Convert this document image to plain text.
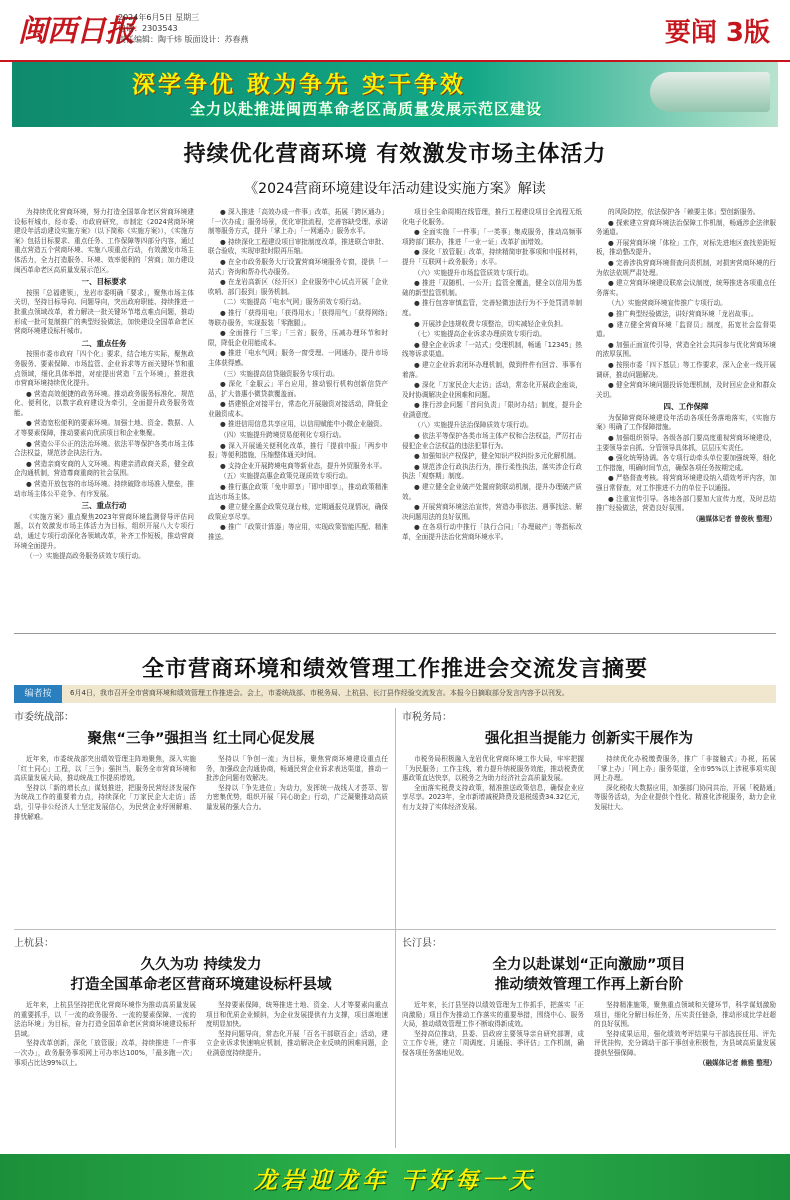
闽西日报
2024年6月5日 星期三
电话：2303543
责任编辑：陶千炜 版面设计：苏春燕	要闻 3版
深学争优 敢为争先 实干争效
全力以赴推进闽西革命老区高质量发展示范区建设
持续优化营商环境 有效激发市场主体活力
《2024营商环境建设年活动建设实施方案》解读

为持续优化营商环境，努力打造全国革命老区营商环境建设标杆城市，经市委、市政府研究，市制定《2024营商环境建设年活动建设实施方案》（以下简称《实施方案》），《实施方案》包括目标要求、重点任务、工作保障等四部分内容，通过重点营造五个营商环境、实施八项重点行动，有效激发市场主体活力，全力打造服务、环境、效率便利的「营商」加力建设闽西革命老区高质量发展示范区。

一、目标要求

按照「总福建领」，龙岩市委明确「要求」，聚焦市场主体关切，坚持目标导向、问题导向，突出政府职能、持续推进一批重点领域改革，着力解决一批关键环节堵点难点问题，推动形成一批可复制推广的典型经验做法，加快建设全国革命老区营商环境建设标杆城市。

二、重点任务

按照市委市政府「四个化」要求，结合地方实际，聚焦政务服务、要素保障、市场监管、企业诉求等方面关键环节和重点领域，细化具体举措，对症提出营造「五个环境」，推进我市营商环境持续优化提升。

● 营造高效便捷的政务环境。推动政务服务标准化、规范化、便利化，以数字政府建设为牵引，全面提升政务服务效能。

● 营造宽松便利的要素环境。加强土地、资金、数据、人才等要素保障，推动要素向优质项目和企业集聚。

● 营造公平公正的法治环境。依法平等保护各类市场主体合法权益，规范涉企执法行为。

● 营造亲商安商的人文环境。构建亲清政商关系，健全政企沟通机制，营造尊商重商的社会氛围。

● 营造开放包容的市场环境。持续破除市场准入壁垒，推动市场主体公平竞争、有序发展。

三、重点行动

《实施方案》重点聚焦2023年营商环境监测督导评估问题，以有效激发市场主体活力为目标，组织开展八大专项行动，通过专项行动深化各领域改革，补齐工作短板，推动营商环境全面提升。

（一）实施提高政务服务质效专项行动。

● 深入推进「高效办成一件事」改革，拓展「跨区通办」「一次办成」服务场景，优化审批流程，完善容缺受理、承诺制等服务方式，提升「掌上办」「一网通办」服务水平。

● 持续深化工程建设项目审批制度改革，推进联合审批、联合验收，实现审批时限再压缩。

● 在全市政务服务大厅设置营商环境服务专窗，提供「一站式」咨询和帮办代办服务。

● 在龙岩高新区（经开区）企业服务中心试点开展「企业吹哨、部门报到」服务机制。

（二）实施提高「电水气网」服务质效专项行动。

● 推行「获得用电」「获得用水」「获得用气」「获得网络」等联办服务，实现报装「零跑腿」。

● 全面推行「三零」「三省」服务，压减办理环节和时限，降低企业用能成本。

● 推进「电水气网」服务一窗受理、一网通办，提升市场主体获得感。

（三）实施提高信贷融资服务专项行动。

● 深化「金服云」平台应用，推动银行机构创新信贷产品，扩大普惠小微贷款覆盖面。

● 搭建银企对接平台，常态化开展融资对接活动，降低企业融资成本。

● 推进信用信息共享应用，以信用赋能中小微企业融资。

（四）实施提升跨境贸易便利化专项行动。

● 深入开展通关便利化改革，推行「提前申报」「两步申报」等便利措施，压缩整体通关时间。

● 支持企业开展跨境电商等新业态，提升外贸服务水平。

（五）实施提高惠企政策兑现质效专项行动。

● 推行惠企政策「免申即享」「即申即享」，推动政策精准直达市场主体。

● 建立健全惠企政策兑现台账，定期通报兑现情况，确保政策应享尽享。

● 推广「政策计算器」等应用，实现政策智能匹配、精准推送。

项目全生命周期在线管理，推行工程建设项目全流程无纸化电子化服务。

● 全面实施「一件事」「一类事」集成服务，推动高频事项跨部门联办，推进「一业一证」改革扩面增效。

● 深化「放管服」改革，持续精简审批事项和申报材料，提升「互联网＋政务服务」水平。

（六）实施提升市场监管质效专项行动。

● 推进「双随机、一公开」监管全覆盖，健全以信用为基础的新型监管机制。

● 推行包容审慎监管，完善轻微违法行为不予处罚清单制度。

● 开展涉企违规收费专项整治，切实减轻企业负担。

（七）实施提高企业诉求办理质效专项行动。

● 健全企业诉求「一站式」受理机制，畅通「12345」热线等诉求渠道。

● 建立企业诉求闭环办理机制，做到件件有回音、事事有着落。

● 深化「万家民企大走访」活动，常态化开展政企座谈，及时协调解决企业困难和问题。

● 推行涉企问题「首问负责」「限时办结」制度，提升企业满意度。

（八）实施提升法治保障质效专项行动。

● 依法平等保护各类市场主体产权和合法权益，严厉打击侵犯企业合法权益的违法犯罪行为。

● 加强知识产权保护，健全知识产权纠纷多元化解机制。

● 规范涉企行政执法行为，推行柔性执法，落实涉企行政执法「观察期」制度。

● 建立健全企业破产处置府院联动机制，提升办理破产质效。

● 开展营商环境法治宣传，营造办事依法、遇事找法、解决问题用法的良好氛围。

● 在各项行动中推行「执行合同」「办理破产」等指标改革，全面提升法治化营商环境水平。

的风险防控，依法保护各「赖要主体」型创新服务。

● 探索建立营商环境法治保障工作机制，畅通涉企法律服务通道。

● 开展营商环境「体检」工作，对标先进地区查找差距短板，推动整改提升。

● 完善涉执营商环境督查问责机制，对损害营商环境的行为依法依规严肃处理。

● 建立营商环境建设联席会议制度，统筹推进各项重点任务落实。

（九）实施营商环境宣传推广专项行动。

● 推广典型经验做法，讲好营商环境「龙岩故事」。

● 建立健全营商环境「监督员」制度，拓宽社会监督渠道。

● 加强正面宣传引导，营造全社会共同参与优化营商环境的浓厚氛围。

● 按照市委「四下基层」等工作要求，深入企业一线开展调研，推动问题解决。

● 健全营商环境问题投诉处理机制，及时回应企业和群众关切。

四、工作保障

为保障营商环境建设年活动各项任务落地落实，《实施方案》明确了工作保障措施。

● 加强组织领导。各级各部门要高度重视营商环境建设，主要领导亲自抓、分管领导具体抓，层层压实责任。

● 强化统筹协调。各专项行动牵头单位要加强统筹，细化工作措施，明确时间节点，确保各项任务按期完成。

● 严格督查考核。将营商环境建设纳入绩效考评内容，加强日常督查，对工作推进不力的单位予以通报。

● 注重宣传引导。各地各部门要加大宣传力度，及时总结推广经验做法，营造良好氛围。

（融媒体记者 曾俊秋 整理）

全市营商环境和绩效管理工作推进会交流发言摘要
编者按	6月4日，我市召开全市营商环境和绩效管理工作推进会。会上，市委统战部、市税务局、上杭县、长汀县作经验交流发言。本报今日摘取部分发言内容予以刊发。
市委统战部：
聚焦“三争”强担当 红土同心促发展

近年来，市委统战部突出绩效管理主阵地聚焦，深入实施「红土同心」工程，以「三争」强担当，服务全市营商环境和高质量发展大局，推动统战工作提质增效。

坚持以「新的增长点」谋划推进，把服务民营经济发展作为统战工作的重要着力点，持续深化「万家民企大走访」活动，引导非公经济人士坚定发展信心，为民营企业纾困解难、排忧解难。

坚持以「争创一流」为目标，聚焦营商环境建设重点任务，加强政企沟通协商，畅通民营企业诉求表达渠道，推动一批涉企问题有效解决。

坚持以「争先进位」为动力，发挥统一战线人才荟萃、智力密集优势，组织开展「同心助企」行动，广泛凝聚推动高质量发展的强大合力。

市税务局：
强化担当提能力 创新实干展作为

市税务局积极融入龙岩优化营商环境工作大局，牢牢把握「为民服务」工作主线，着力提升纳税服务效能，推动税费优惠政策直达快享，以税务之为助力经济社会高质量发展。

全面落实税费支持政策，精准推送政策信息，确保企业应享尽享。2023年，全市新增减税降费及退税缓费34.32亿元，有力支持了实体经济发展。

持续优化办税缴费服务，推广「非接触式」办税，拓展「掌上办」「网上办」服务渠道，全市95%以上涉税事项实现网上办理。

深化税收大数据应用，加强部门协同共治，开展「税路通」等服务活动，为企业提供个性化、精准化涉税服务，助力企业发展壮大。

上杭县：
久久为功 持续发力
打造全国革命老区营商环境建设标杆县域

近年来，上杭县坚持把优化营商环境作为推动高质量发展的重要抓手，以「一流的政务服务、一流的要素保障、一流的法治环境」为目标，奋力打造全国革命老区营商环境建设标杆县域。

坚持改革创新，深化「放管服」改革，持续推进「一件事一次办」，政务服务事项网上可办率达100%，「最多跑一次」事项占比达99%以上。

坚持要素保障，统筹推进土地、资金、人才等要素向重点项目和优质企业倾斜，为企业发展提供有力支撑，项目落地速度明显加快。

坚持问题导向，常态化开展「百名干部联百企」活动，建立企业诉求快速响应机制，推动解决企业反映的困难问题，企业满意度持续提升。

长汀县：
全力以赴谋划“正向激励”项目
推动绩效管理工作再上新台阶

近年来，长汀县坚持以绩效管理为工作抓手，把落实「正向激励」项目作为推动工作落实的重要举措，围绕中心、服务大局，推动绩效管理工作不断取得新成效。

坚持高位推动，县委、县政府主要领导亲自研究部署，成立工作专班，建立「周调度、月通报、季评估」工作机制，确保各项任务落地见效。

坚持精准施策，聚焦重点领域和关键环节，科学谋划激励项目，细化分解目标任务，压实责任链条，推动形成比学赶超的良好氛围。

坚持成果运用，强化绩效考评结果与干部选拔任用、评先评优挂钩，充分调动干部干事创业积极性，为县域高质量发展提供坚强保障。

（融媒体记者 赖雅 整理）

龙岩迎龙年 干好每一天
